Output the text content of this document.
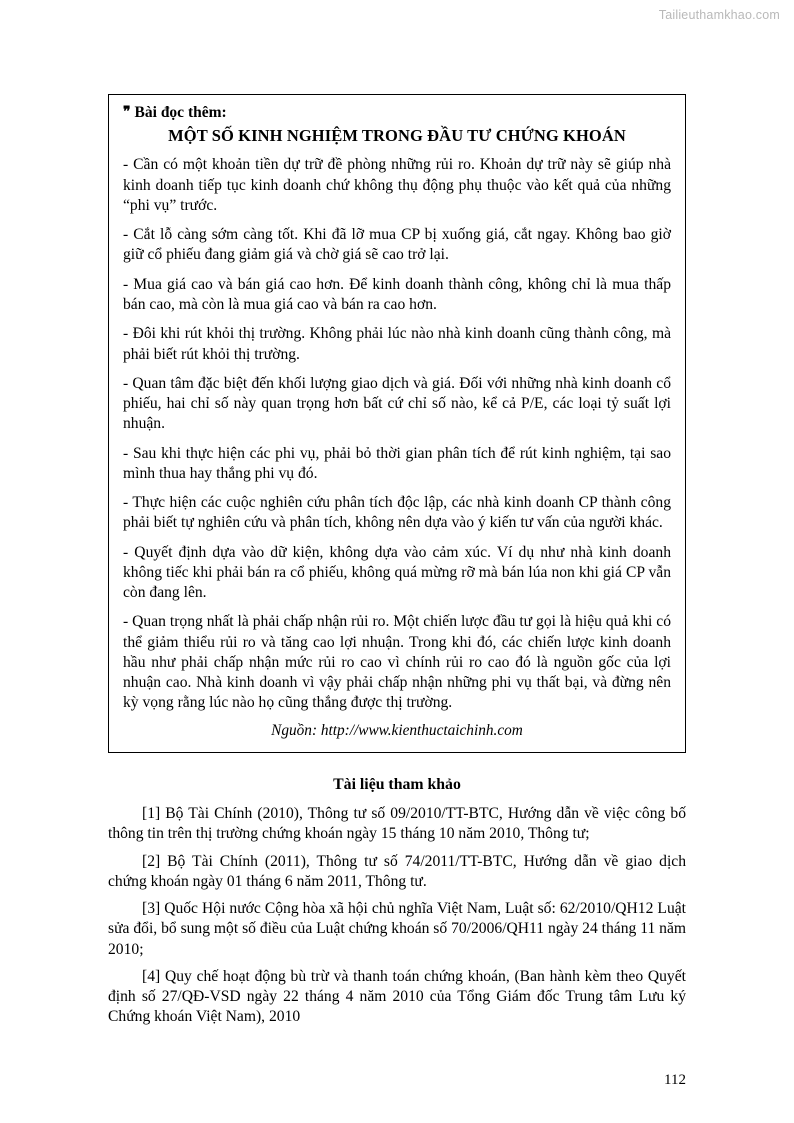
Tailieuthamkhao.com
❞ Bài đọc thêm:
MỘT SỐ KINH NGHIỆM TRONG ĐẦU TƯ CHỨNG KHOÁN

- Cần có một khoản tiền dự trữ đề phòng những rủi ro. Khoản dự trữ này sẽ giúp nhà kinh doanh tiếp tục kinh doanh chứ không thụ động phụ thuộc vào kết quả của những “phi vụ” trước.

- Cắt lỗ càng sớm càng tốt. Khi đã lỡ mua CP bị xuống giá, cắt ngay. Không bao giờ giữ cổ phiếu đang giảm giá và chờ giá sẽ cao trở lại.

- Mua giá cao và bán giá cao hơn. Để kinh doanh thành công, không chỉ là mua thấp bán cao, mà còn là mua giá cao và bán ra cao hơn.

- Đôi khi rút khỏi thị trường. Không phải lúc nào nhà kinh doanh cũng thành công, mà phải biết rút khỏi thị trường.

- Quan tâm đặc biệt đến khối lượng giao dịch và giá. Đối với những nhà kinh doanh cổ phiếu, hai chỉ số này quan trọng hơn bất cứ chỉ số nào, kể cả P/E, các loại tỷ suất lợi nhuận.

- Sau khi thực hiện các phi vụ, phải bỏ thời gian phân tích để rút kinh nghiệm, tại sao mình thua hay thắng phi vụ đó.

- Thực hiện các cuộc nghiên cứu phân tích độc lập, các nhà kinh doanh CP thành công phải biết tự nghiên cứu và phân tích, không nên dựa vào ý kiến tư vấn của người khác.

- Quyết định dựa vào dữ kiện, không dựa vào cảm xúc. Ví dụ như nhà kinh doanh không tiếc khi phải bán ra cổ phiếu, không quá mừng rỡ mà bán lúa non khi giá CP vẫn còn đang lên.

- Quan trọng nhất là phải chấp nhận rủi ro. Một chiến lược đầu tư gọi là hiệu quả khi có thể giảm thiểu rủi ro và tăng cao lợi nhuận. Trong khi đó, các chiến lược kinh doanh hầu như phải chấp nhận mức rủi ro cao vì chính rủi ro cao đó là nguồn gốc của lợi nhuận cao. Nhà kinh doanh vì vậy phải chấp nhận những phi vụ thất bại, và đừng nên kỳ vọng rằng lúc nào họ cũng thắng được thị trường.

Nguồn: http://www.kienthuctaichinh.com
Tài liệu tham khảo

[1] Bộ Tài Chính (2010), Thông tư số 09/2010/TT-BTC, Hướng dẫn về việc công bố thông tin trên thị trường chứng khoán ngày 15 tháng 10 năm 2010, Thông tư;

[2] Bộ Tài Chính (2011), Thông tư số 74/2011/TT-BTC, Hướng dẫn về giao dịch chứng khoán ngày 01 tháng 6 năm 2011, Thông tư.

[3] Quốc Hội nước Cộng hòa xã hội chủ nghĩa Việt Nam, Luật số: 62/2010/QH12 Luật sửa đổi, bổ sung một số điều của Luật chứng khoán số 70/2006/QH11 ngày 24 tháng 11 năm 2010;

[4] Quy chế hoạt động bù trừ và thanh toán chứng khoán, (Ban hành kèm theo Quyết định số 27/QĐ-VSD ngày 22 tháng 4 năm 2010 của Tổng Giám đốc Trung tâm Lưu ký Chứng khoán Việt Nam), 2010

112
